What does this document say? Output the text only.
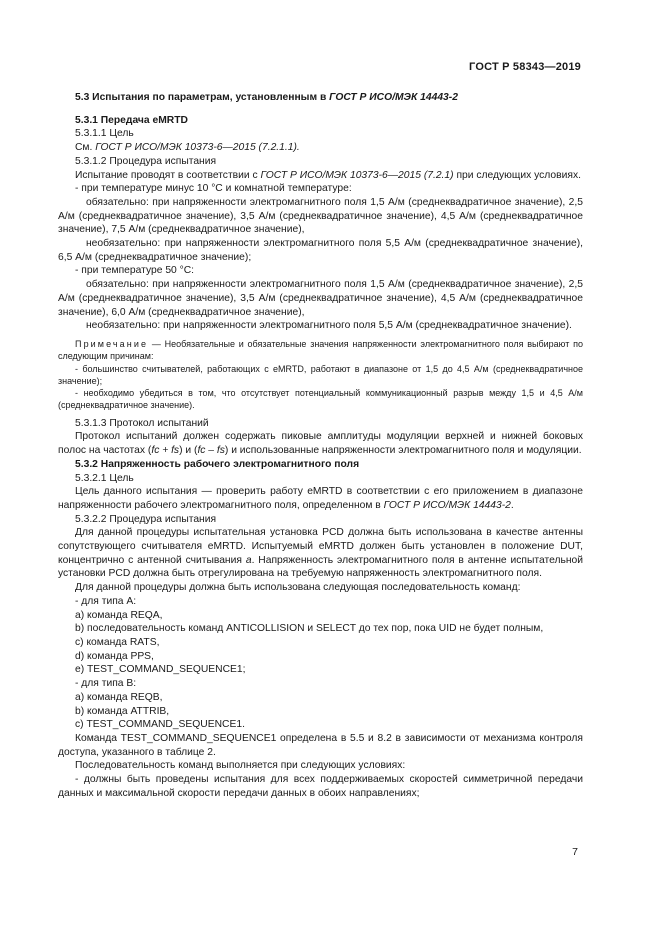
ГОСТ Р 58343—2019

5.3 Испытания по параметрам, установленным в ГОСТ Р ИСО/МЭК 14443-2

5.3.1 Передача eMRTD

5.3.1.1 Цель

См. ГОСТ Р ИСО/МЭК 10373-6—2015 (7.2.1.1).

5.3.1.2 Процедура испытания

Испытание проводят в соответствии с ГОСТ Р ИСО/МЭК 10373-6—2015 (7.2.1) при следующих условиях.

- при температуре минус 10 °С и комнатной температуре:

обязательно: при напряженности электромагнитного поля 1,5 А/м (среднеквадратичное значение), 2,5 А/м (среднеквадратичное значение), 3,5 А/м (среднеквадратичное значение), 4,5 А/м (среднеквадратичное значение), 7,5 А/м (среднеквадратичное значение),

необязательно: при напряженности электромагнитного поля 5,5 А/м (среднеквадратичное значение), 6,5 А/м (среднеквадратичное значение);

- при температуре 50 °С:

обязательно: при напряженности электромагнитного поля 1,5 А/м (среднеквадратичное значение), 2,5 А/м (среднеквадратичное значение), 3,5 А/м (среднеквадратичное значение), 4,5 А/м (среднеквадратичное значение), 6,0 А/м (среднеквадратичное значение),

необязательно: при напряженности электромагнитного поля 5,5 А/м (среднеквадратичное значение).

Примечание — Необязательные и обязательные значения напряженности электромагнитного поля выбирают по следующим причинам:

- большинство считывателей, работающих с eMRTD, работают в диапазоне от 1,5 до 4,5 А/м (среднеквадратичное значение);

- необходимо убедиться в том, что отсутствует потенциальный коммуникационный разрыв между 1,5 и 4,5 А/м (среднеквадратичное значение).

5.3.1.3 Протокол испытаний

Протокол испытаний должен содержать пиковые амплитуды модуляции верхней и нижней боковых полос на частотах (fc + fs) и (fc – fs) и использованные напряженности электромагнитного поля и модуляции.

5.3.2 Напряженность рабочего электромагнитного поля

5.3.2.1 Цель

Цель данного испытания — проверить работу eMRTD в соответствии с его приложением в диапазоне напряженности рабочего электромагнитного поля, определенном в ГОСТ Р ИСО/МЭК 14443-2.

5.3.2.2 Процедура испытания

Для данной процедуры испытательная установка PCD должна быть использована в качестве антенны сопутствующего считывателя eMRTD. Испытуемый eMRTD должен быть установлен в положение DUT, концентрично с антенной считывания а. Напряженность электромагнитного поля в антенне испытательной установки PCD должна быть отрегулирована на требуемую напряженность электромагнитного поля.

Для данной процедуры должна быть использована следующая последовательность команд:

- для типа А:

а) команда REQA,

b) последовательность команд ANTICOLLISION и SELECT до тех пор, пока UID не будет полным,

с) команда RATS,

d) команда PPS,

е) TEST_COMMAND_SEQUENCE1;

- для типа В:

а) команда REQB,

b) команда ATTRIB,

с) TEST_COMMAND_SEQUENCE1.

Команда TEST_COMMAND_SEQUENCE1 определена в 5.5 и 8.2 в зависимости от механизма контроля доступа, указанного в таблице 2.

Последовательность команд выполняется при следующих условиях:

- должны быть проведены испытания для всех поддерживаемых скоростей симметричной передачи данных и максимальной скорости передачи данных в обоих направлениях;

7
